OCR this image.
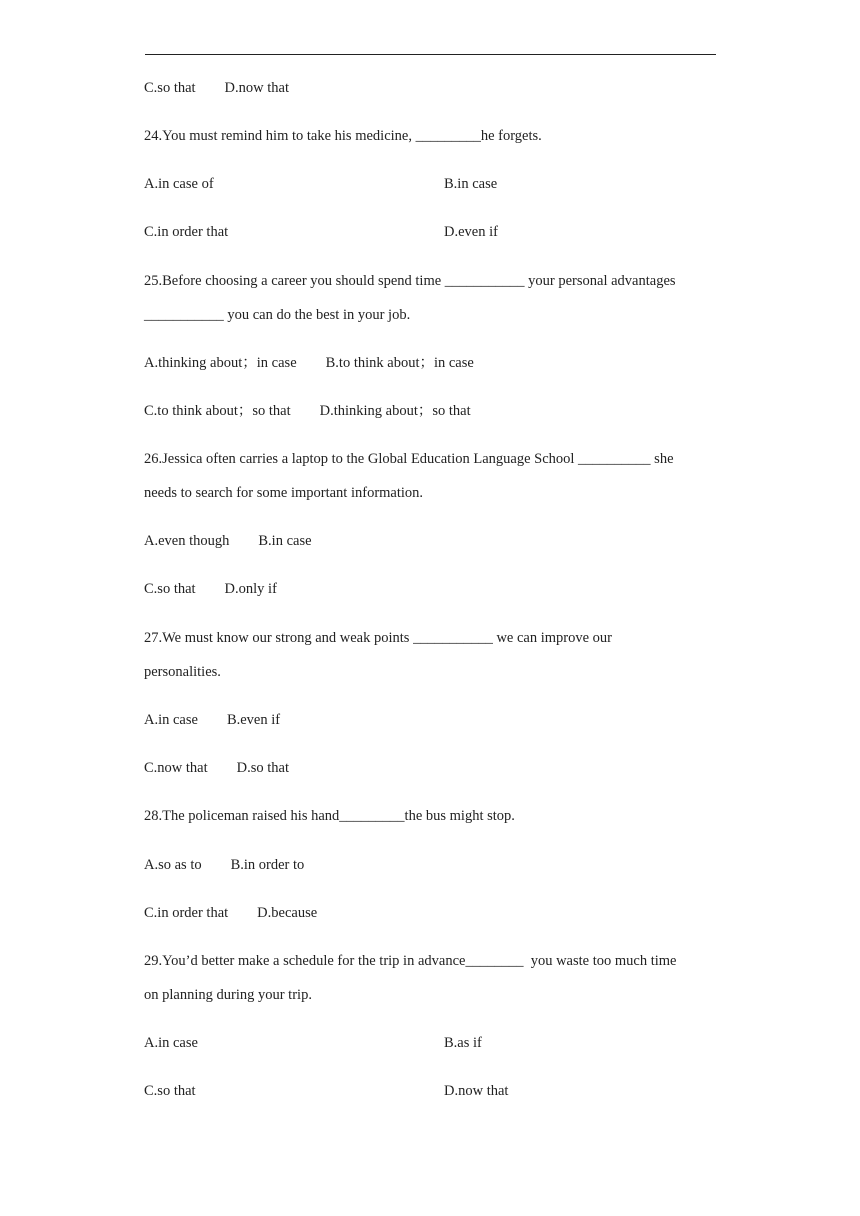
C.so that        D.now that
24.You must remind him to take his medicine, _________he forgets.
A.in case of	B.in case
C.in order that	D.even if
25.Before choosing a career you should spend time ___________ your personal advantages
___________ you can do the best in your job.
A.thinking about；in case        B.to think about；in case
C.to think about；so that        D.thinking about；so that
26.Jessica often carries a laptop to the Global Education Language School __________ she
needs to search for some important information.
A.even though        B.in case
C.so that        D.only if
27.We must know our strong and weak points ___________ we can improve our
personalities.
A.in case        B.even if
C.now that        D.so that
28.The policeman raised his hand_________the bus might stop.
A.so as to        B.in order to
C.in order that        D.because
29.You’d better make a schedule for the trip in advance________  you waste too much time
on planning during your trip.
A.in case	B.as if
C.so that	D.now that
